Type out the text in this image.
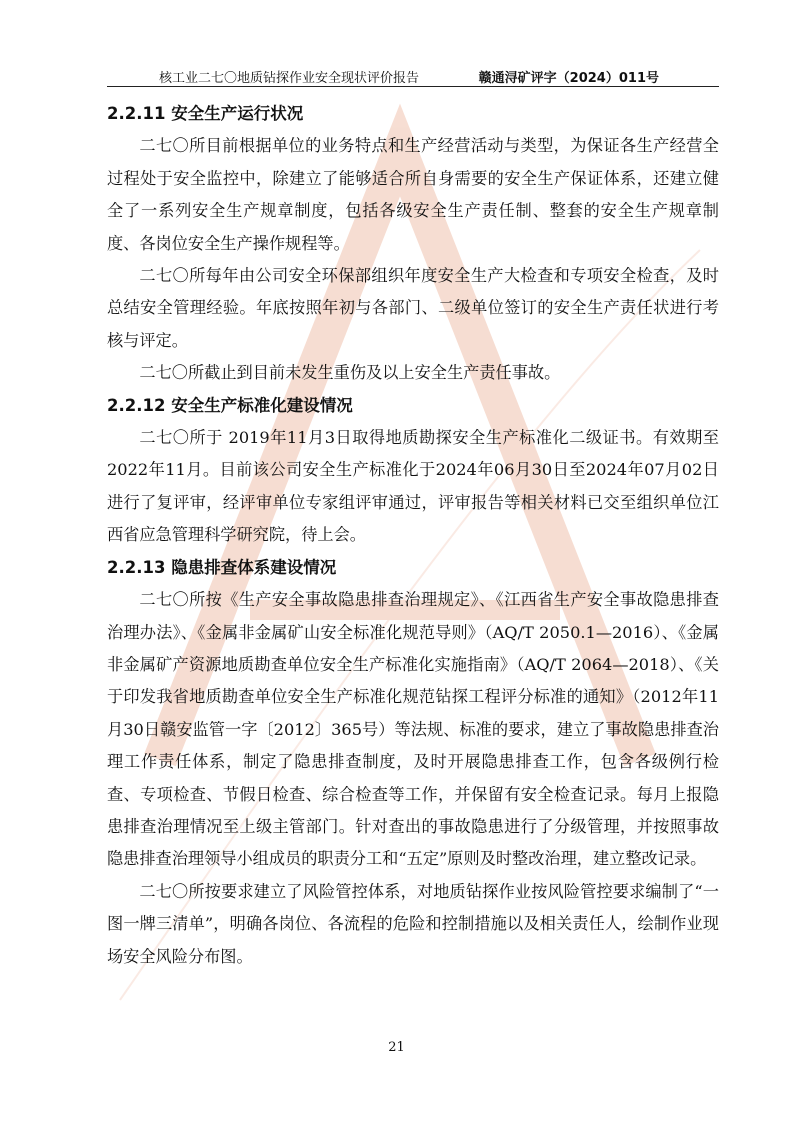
核工业二七〇地质钻探作业安全现状评价报告	赣通浔矿评字（2024）011号
2.2.11 安全生产运行状况

二七〇所目前根据单位的业务特点和生产经营活动与类型，为保证各生产经营全过程处于安全监控中，除建立了能够适合所自身需要的安全生产保证体系，还建立健全了一系列安全生产规章制度，包括各级安全生产责任制、整套的安全生产规章制度、各岗位安全生产操作规程等。

二七〇所每年由公司安全环保部组织年度安全生产大检查和专项安全检查，及时总结安全管理经验。年底按照年初与各部门、二级单位签订的安全生产责任状进行考核与评定。

二七〇所截止到目前未发生重伤及以上安全生产责任事故。

2.2.12 安全生产标准化建设情况

二七〇所于 2019年11月3日取得地质勘探安全生产标准化二级证书。有效期至2022年11月。目前该公司安全生产标准化于2024年06月30日至2024年07月02日进行了复评审，经评审单位专家组评审通过，评审报告等相关材料已交至组织单位江西省应急管理科学研究院，待上会。

2.2.13 隐患排查体系建设情况

二七〇所按《生产安全事故隐患排查治理规定》、《江西省生产安全事故隐患排查治理办法》、《金属非金属矿山安全标准化规范导则》（AQ/T 2050.1—2016）、《金属非金属矿产资源地质勘查单位安全生产标准化实施指南》（AQ/T 2064—2018）、《关于印发我省地质勘查单位安全生产标准化规范钻探工程评分标准的通知》（2012年11月30日赣安监管一字〔2012〕365号）等法规、标准的要求，建立了事故隐患排查治理工作责任体系，制定了隐患排查制度，及时开展隐患排查工作，包含各级例行检查、专项检查、节假日检查、综合检查等工作，并保留有安全检查记录。每月上报隐患排查治理情况至上级主管部门。针对查出的事故隐患进行了分级管理，并按照事故隐患排查治理领导小组成员的职责分工和“五定”原则及时整改治理，建立整改记录。

二七〇所按要求建立了风险管控体系，对地质钻探作业按风险管控要求编制了“一图一牌三清单”，明确各岗位、各流程的危险和控制措施以及相关责任人，绘制作业现场安全风险分布图。

21
